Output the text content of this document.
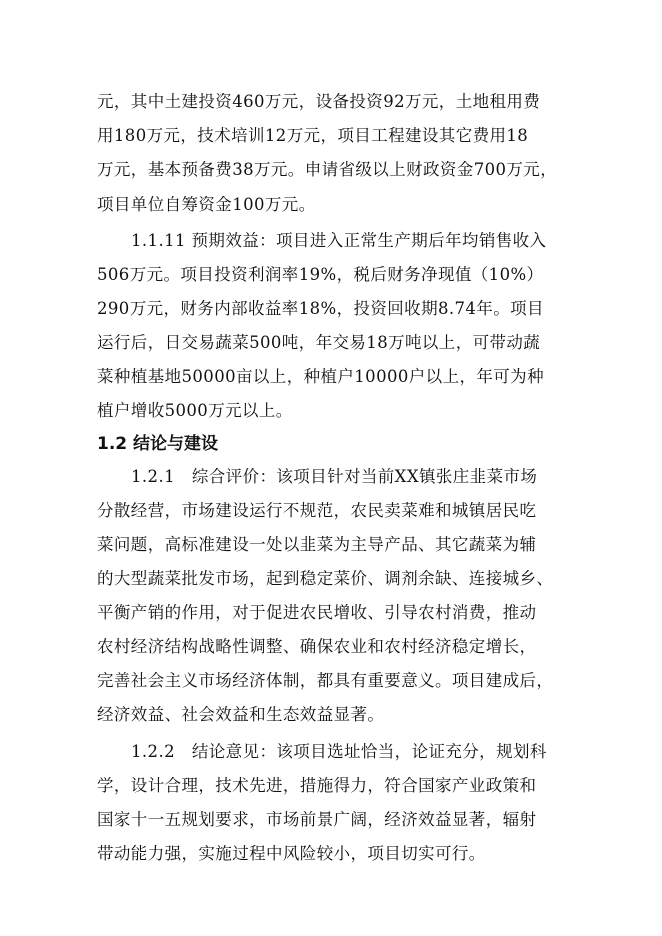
元，其中土建投资460万元，设备投资92万元，土地租用费
用180万元，技术培训12万元，项目工程建设其它费用18
万元，基本预备费38万元。申请省级以上财政资金700万元，
项目单位自筹资金100万元。
1.1.11 预期效益：项目进入正常生产期后年均销售收入
506万元。项目投资利润率19%，税后财务净现值（10%）
290万元，财务内部收益率18%，投资回收期8.74年。项目
运行后，日交易蔬菜500吨，年交易18万吨以上，可带动蔬
菜种植基地50000亩以上，种植户10000户以上，年可为种
植户增收5000万元以上。
1.2 结论与建设
1.2.1　综合评价：该项目针对当前XX镇张庄韭菜市场
分散经营，市场建设运行不规范，农民卖菜难和城镇居民吃
菜问题，高标准建设一处以韭菜为主导产品、其它蔬菜为辅
的大型蔬菜批发市场，起到稳定菜价、调剂余缺、连接城乡、
平衡产销的作用，对于促进农民增收、引导农村消费，推动
农村经济结构战略性调整、确保农业和农村经济稳定增长，
完善社会主义市场经济体制，都具有重要意义。项目建成后，
经济效益、社会效益和生态效益显著。
1.2.2　结论意见：该项目选址恰当，论证充分，规划科
学，设计合理，技术先进，措施得力，符合国家产业政策和
国家十一五规划要求，市场前景广阔，经济效益显著，辐射
带动能力强，实施过程中风险较小，项目切实可行。
